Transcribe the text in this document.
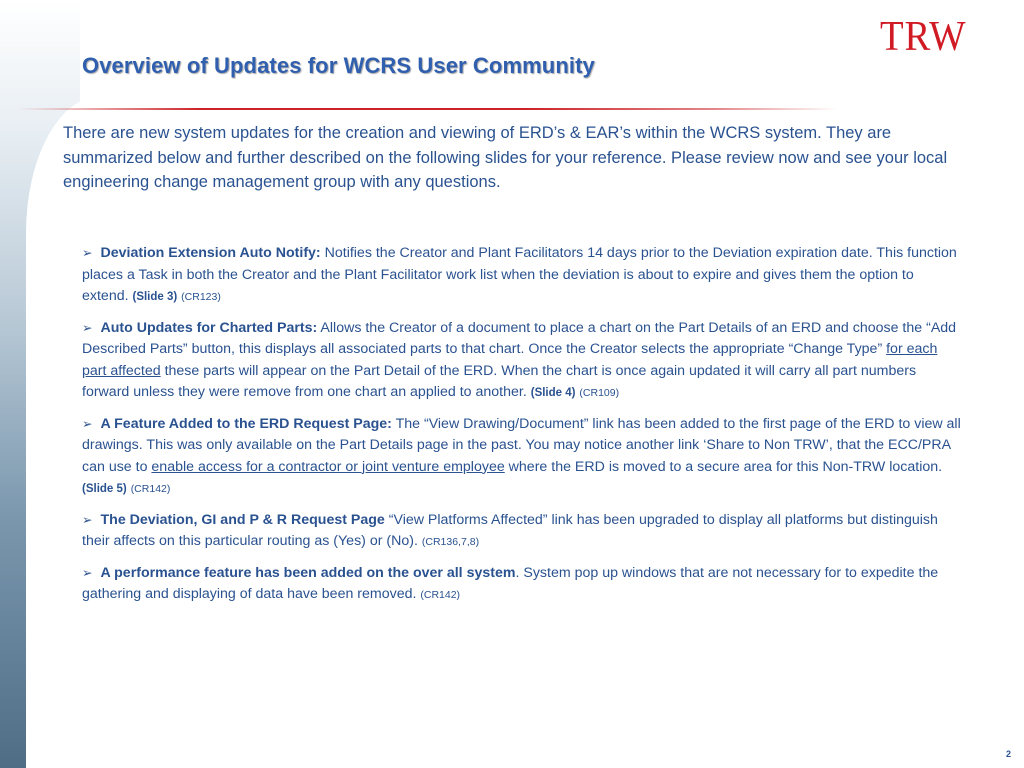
Overview of Updates for WCRS User Community
TRW

There are new system updates for the creation and viewing of ERD’s & EAR’s within the WCRS system. They are summarized below and further described on the following slides for your reference. Please review now and see your local engineering change management group with any questions.

➢ Deviation Extension Auto Notify: Notifies the Creator and Plant Facilitators 14 days prior to the Deviation expiration date. This function places a Task in both the Creator and the Plant Facilitator work list when the deviation is about to expire and gives them the option to extend. (Slide 3) (CR123)
➢ Auto Updates for Charted Parts: Allows the Creator of a document to place a chart on the Part Details of an ERD and choose the “Add Described Parts” button, this displays all associated parts to that chart. Once the Creator selects the appropriate “Change Type” for each part affected these parts will appear on the Part Detail of the ERD. When the chart is once again updated it will carry all part numbers forward unless they were remove from one chart an applied to another. (Slide 4) (CR109)
➢ A Feature Added to the ERD Request Page: The “View Drawing/Document” link has been added to the first page of the ERD to view all drawings. This was only available on the Part Details page in the past. You may notice another link ‘Share to Non TRW’, that the ECC/PRA can use to enable access for a contractor or joint venture employee where the ERD is moved to a secure area for this Non-TRW location. (Slide 5) (CR142)
➢ The Deviation, GI and P & R Request Page “View Platforms Affected” link has been upgraded to display all platforms but distinguish their affects on this particular routing as (Yes) or (No). (CR136,7,8)
➢ A performance feature has been added on the over all system. System pop up windows that are not necessary for to expedite the gathering and displaying of data have been removed. (CR142)
2
